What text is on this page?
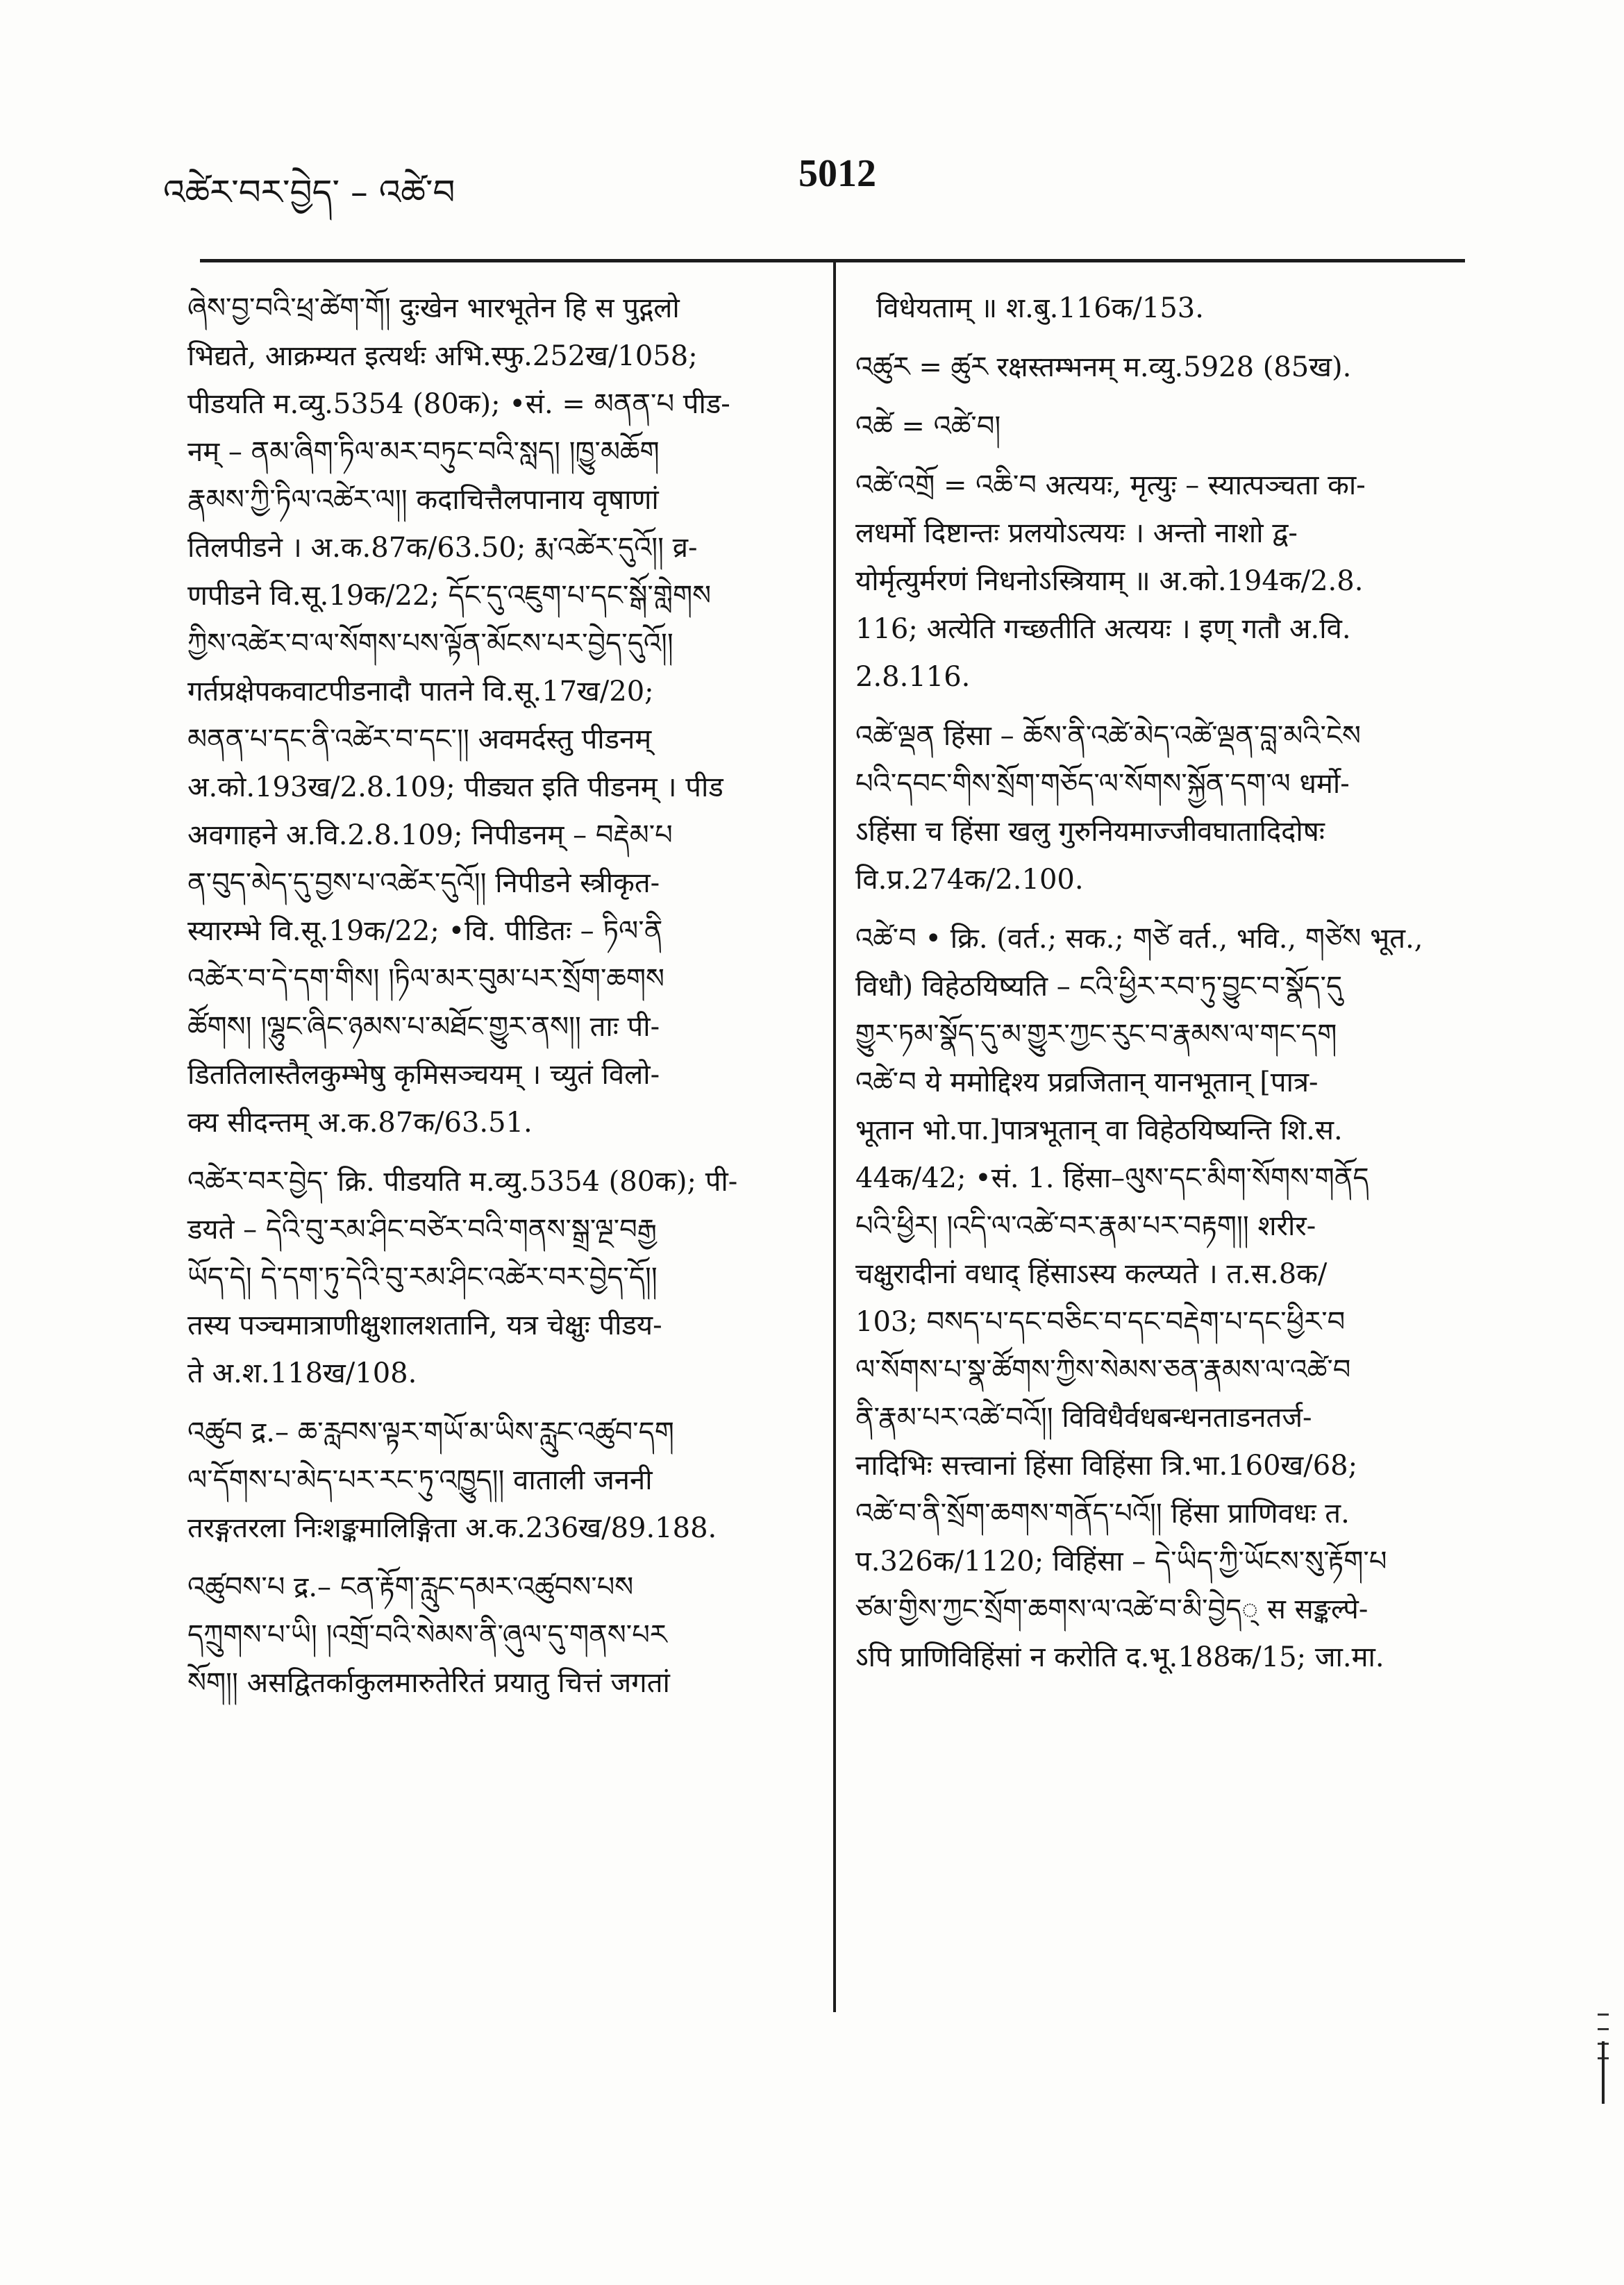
འཚེར་བར་བྱེད་ – འཚེ་བ	5012

ཞེས་བྱ་བའི་ཕྲ་ཚེག་གོ། दुःखेन भारभूतेन हि स पुद्गलो

भिद्यते, आक्रम्यत इत्यर्थः अभि.स्फु.252ख/1058;

पीडयति म.व्यु.5354 (80क); •सं. = མནན་པ पीड-

नम् – ནམ་ཞིག་ཏིལ་མར་བཏུང་བའི་སླད། །ཁྱུ་མཆོག

རྣམས་ཀྱི་ཏིལ་འཚེར་ལ།། कदाचित्तैलपानाय वृषाणां

तिलपीडने । अ.क.87क/63.50; རྨ་འཚེར་དུའོ།། व्र-

णपीडने वि.सू.19क/22; དོང་དུ་འཇུག་པ་དང་སྒོ་གླེགས

ཀྱིས་འཚེར་བ་ལ་སོགས་པས་ལྟོན་མོངས་པར་བྱེད་དུའོ།།

गर्तप्रक्षेपकवाटपीडनादौ पातने वि.सू.17ख/20;

མནན་པ་དང་ནི་འཚེར་བ་དང་།། अवमर्दस्तु पीडनम्

अ.को.193ख/2.8.109; पीड्यत इति पीडनम् । पीड

अवगाहने अ.वि.2.8.109; निपीडनम् – བརྡེམ་པ

ན་བུད་མེད་དུ་བྱས་པ་འཚེར་དུའོ།། निपीडने स्त्रीकृत-

स्यारम्भे वि.सू.19क/22; •वि. पीडितः – ཏིལ་ནི

འཚེར་བ་དེ་དག་གིས། །ཏིལ་མར་བུམ་པར་སྲོག་ཆགས

ཚོགས། །ལྷུང་ཞིང་ཉམས་པ་མཐོང་གྱུར་ནས།། ताः पी-

डिततिलास्तैलकुम्भेषु कृमिसञ्चयम् । च्युतं विलो-

क्य सीदन्तम् अ.क.87क/63.51.

འཚེར་བར་བྱེད་ क्रि. पीडयति म.व्यु.5354 (80क); पी-

डयते – དེའི་བུ་རམ་ཤིང་བཙེར་བའི་གནས་སྒྲ་ལྔ་བརྒྱ

ཡོད་དེ། དེ་དག་ཏུ་དེའི་བུ་རམ་ཤིང་འཚེར་བར་བྱེད་དོ།།

तस्य पञ्चमात्राणीक्षुशालशतानि, यत्र चेक्षुः पीडय-

ते अ.श.118ख/108.

འཚུབ द्र.– ཆ་རླབས་ལྟར་གཡོ་མ་ཡིས་རླུང་འཚུབ་དག

ལ་དོགས་པ་མེད་པར་རང་ཏུ་འཁྱུད།། वाताली जननी

तरङ्गतरला निःशङ्कमालिङ्गिता अ.क.236ख/89.188.

འཚུབས་པ द्र.– ངན་རྟོག་རླུང་དམར་འཚུབས་པས

དཀྲུགས་པ་ཡི། །འགྲོ་བའི་སེམས་ནི་ཞུལ་དུ་གནས་པར

སོག།། असद्वितर्काकुलमारुतेरितं प्रयातु चित्तं जगतां

विधेयताम् ॥ श.बु.116क/153.

འཚུར = ཚུར रक्षस्तम्भनम् म.व्यु.5928 (85ख).

འཚེ = འཚེ་བ།

འཚེ་འགྲོ = འཆི་བ अत्ययः, मृत्युः – स्यात्पञ्चता का-

लधर्मो दिष्टान्तः प्रलयोऽत्ययः । अन्तो नाशो द्व-

योर्मृत्युर्मरणं निधनोऽस्त्रियाम् ॥ अ.को.194क/2.8.

116; अत्येति गच्छतीति अत्ययः । इण् गतौ अ.वि.

2.8.116.

འཚེ་ལྡན हिंसा – ཆོས་ནི་འཚེ་མེད་འཚེ་ལྡན་བླ་མའི་ངེས

པའི་དབང་གིས་སྲོག་གཅོད་ལ་སོགས་སྐྱོན་དག་ལ धर्मो-

ऽहिंसा च हिंसा खलु गुरुनियमाज्जीवघातादिदोषः

वि.प्र.274क/2.100.

འཚེ་བ • क्रि. (वर्त.; सक.; གཙེ वर्त., भवि., གཙེས भूत.,

विधौ) विहेठयिष्यति – ངའི་ཕྱིར་རབ་ཏུ་བྱུང་བ་སྣོད་དུ

གྱུར་ཏམ་སྣོད་དུ་མ་གྱུར་ཀྱང་རུང་བ་རྣམས་ལ་གང་དག

འཚེ་བ ये ममोद्दिश्य प्रव्रजितान् यानभूतान् [पात्र-

भूतान भो.पा.]पात्रभूतान् वा विहेठयिष्यन्ति शि.स.

44क/42; •सं. 1. हिंसा–ལུས་དང་མིག་སོགས་གནོད

པའི་ཕྱིར། །འདི་ལ་འཚེ་བར་རྣམ་པར་བརྟག།། शरीर-

चक्षुरादीनां वधाद् हिंसाऽस्य कल्प्यते । त.स.8क/

103; བསད་པ་དང་བཅིང་བ་དང་བརྡེག་པ་དང་ཕྱིར་བ

ལ་སོགས་པ་སྣ་ཚོགས་ཀྱིས་སེམས་ཅན་རྣམས་ལ་འཚེ་བ

ནི་རྣམ་པར་འཚེ་བའོ།། विविधैर्वधबन्धनताडनतर्ज-

नादिभिः सत्त्वानां हिंसा विहिंसा त्रि.भा.160ख/68;

འཚེ་བ་ནི་སྲོག་ཆགས་གནོད་པའོ།། हिंसा प्राणिवधः त.

प.326क/1120; विहिंसा – དེ་ཡིད་ཀྱི་ཡོངས་སུ་རྟོག་པ

ཙམ་གྱིས་ཀྱང་སྲོག་ཆགས་ལ་འཚེ་བ་མི་བྱེད् स सङ्कल्पे-

ऽपि प्राणिविहिंसां न करोति द.भू.188क/15; जा.मा.
